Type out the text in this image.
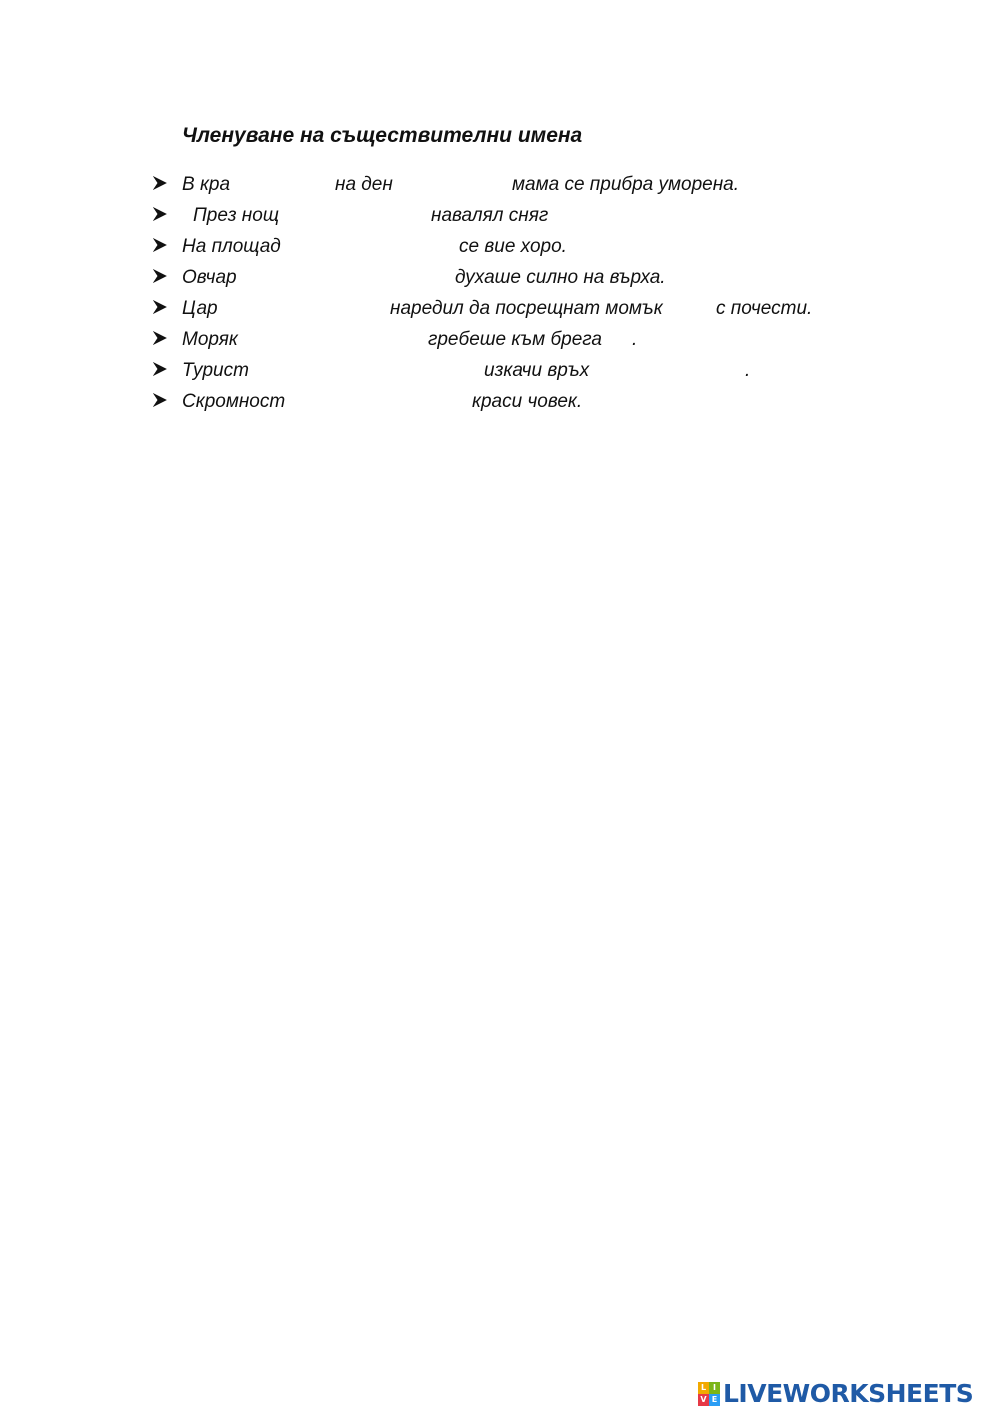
Членуване на съществителни имена
В кра	на ден	мама се прибра уморена.
През нощ	навалял сняг
На площад	се вие хоро.
Овчар	духаше силно на върха.
Цар	наредил да посрещнат момък	с почести.
Моряк	гребеше към брега .
Турист	изкачи връх	.
Скромност	краси човек.
L I
V E LIVEWORKSHEETS
